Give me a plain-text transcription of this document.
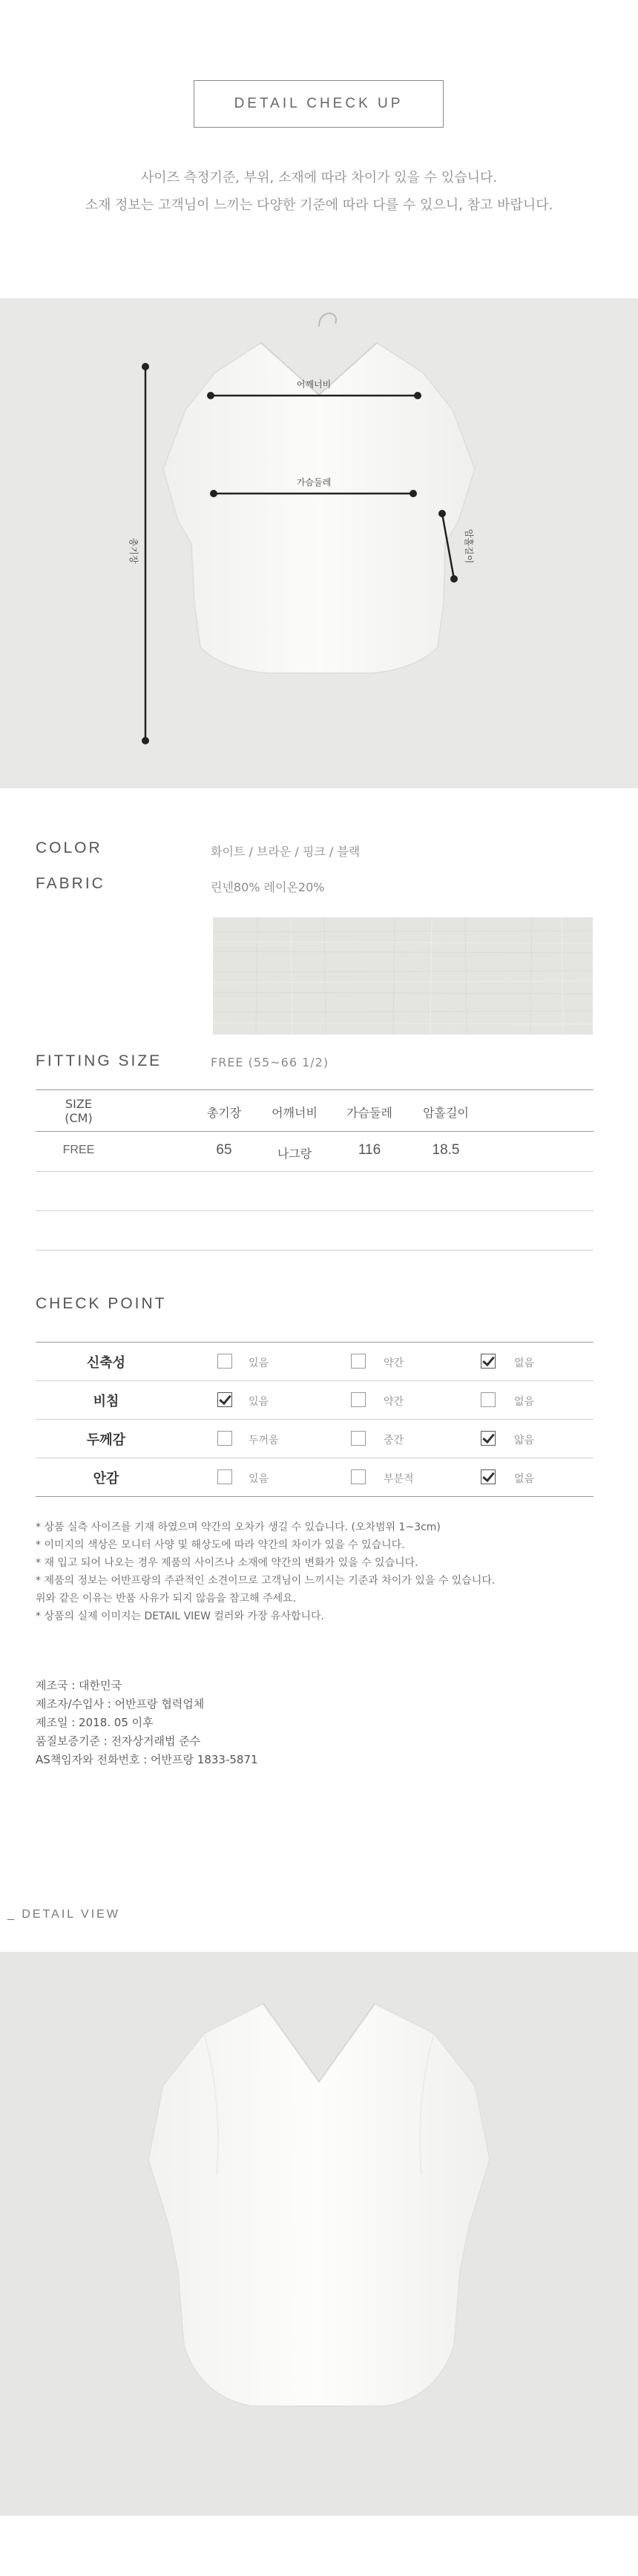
DETAIL CHECK UP
사이즈 측정기준, 부위, 소재에 따라 차이가 있을 수 있습니다.
소재 정보는 고객님이 느끼는 다양한 기준에 따라 다를 수 있으니, 참고 바랍니다.
어깨너비
가슴둘레
총기장	암홀길이
COLOR	화이트 / 브라운 / 핑크 / 블랙
FABRIC	린넨80% 레이온20%
FITTING SIZE	FREE (55~66 1/2)
SIZE
(CM)	총기장	어깨너비	가슴둘레	암홀길이
FREE	65	나그랑	116	18.5
CHECK POINT
신축성	있음	약간	없음
비침	있음	약간	없음
두께감	두꺼움	중간	얇음
안감	있음	부분적	없음
* 상품 실측 사이즈를 기재 하였으며 약간의 오차가 생길 수 있습니다. (오차범위 1~3cm)
* 이미지의 색상은 모니터 사양 및 해상도에 따라 약간의 차이가 있을 수 있습니다.
* 재 입고 되어 나오는 경우 제품의 사이즈나 소재에 약간의 변화가 있을 수 있습니다.
* 제품의 정보는 어반프랑의 주관적인 소견이므로 고객님이 느끼시는 기준과 차이가 있을 수 있습니다.
위와 같은 이유는 반품 사유가 되지 않음을 참고해 주세요.
* 상품의 실제 이미지는 DETAIL VIEW 컬러와 가장 유사합니다.
제조국 : 대한민국
제조자/수입사 : 어반프랑 협력업체
제조일 : 2018. 05 이후
품질보증기준 : 전자상거래법 준수
AS책임자와 전화번호 : 어반프랑 1833-5871
_ DETAIL VIEW
